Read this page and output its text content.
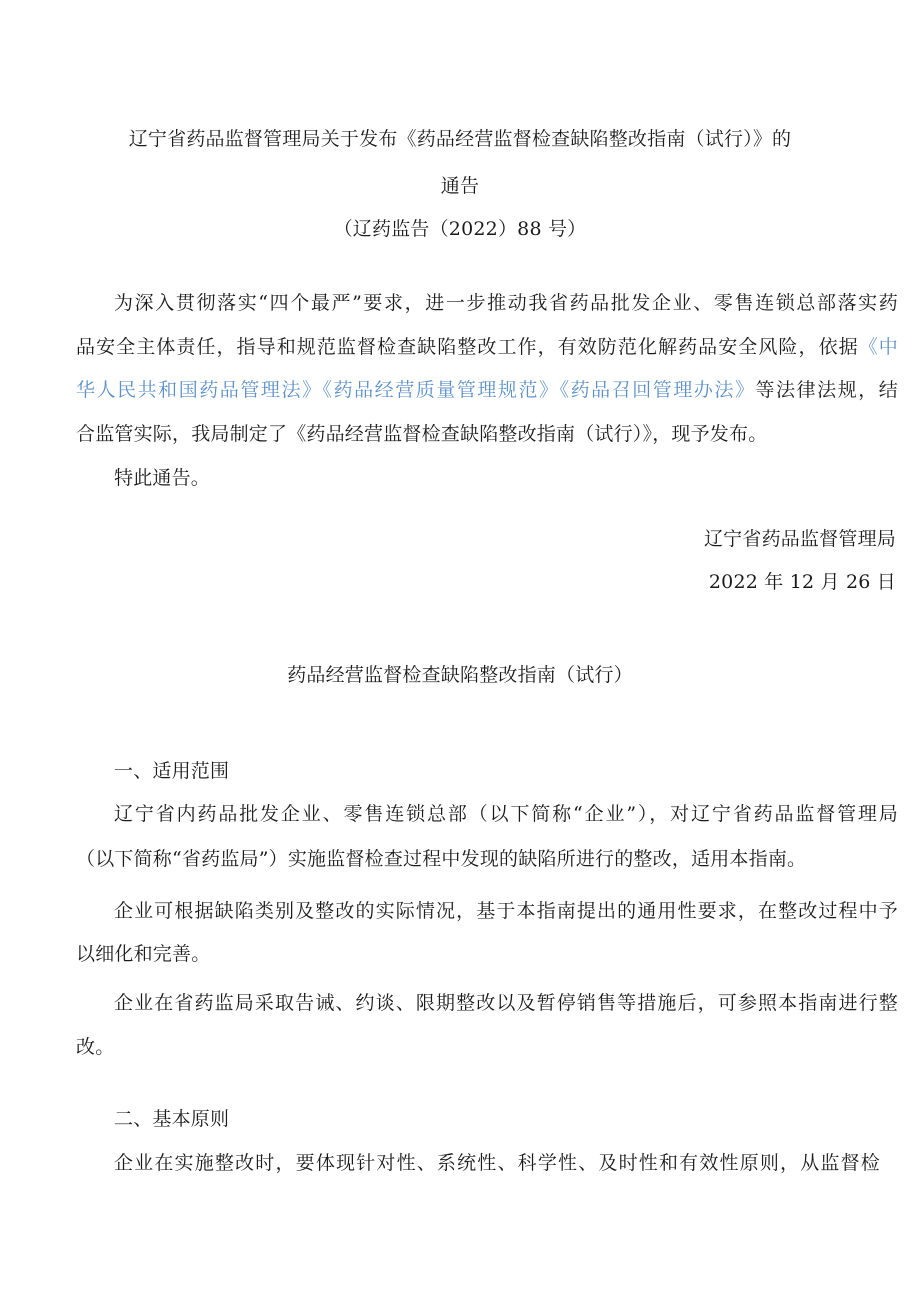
辽宁省药品监督管理局关于发布《药品经营监督检查缺陷整改指南（试行）》的
通告
（辽药监告（2022）88 号）
为深入贯彻落实“四个最严”要求，进一步推动我省药品批发企业、零售连锁总部落实药
品安全主体责任，指导和规范监督检查缺陷整改工作，有效防范化解药品安全风险，依据《中
华人民共和国药品管理法》《药品经营质量管理规范》《药品召回管理办法》等法律法规，结
合监管实际，我局制定了《药品经营监督检查缺陷整改指南（试行）》，现予发布。
特此通告。
辽宁省药品监督管理局
2022 年 12 月 26 日
药品经营监督检查缺陷整改指南（试行）
一、适用范围
辽宁省内药品批发企业、零售连锁总部（以下简称“企业”），对辽宁省药品监督管理局
（以下简称“省药监局”）实施监督检查过程中发现的缺陷所进行的整改，适用本指南。
企业可根据缺陷类别及整改的实际情况，基于本指南提出的通用性要求，在整改过程中予
以细化和完善。
企业在省药监局采取告诫、约谈、限期整改以及暂停销售等措施后，可参照本指南进行整
改。
二、基本原则
企业在实施整改时，要体现针对性、系统性、科学性、及时性和有效性原则，从监督检
